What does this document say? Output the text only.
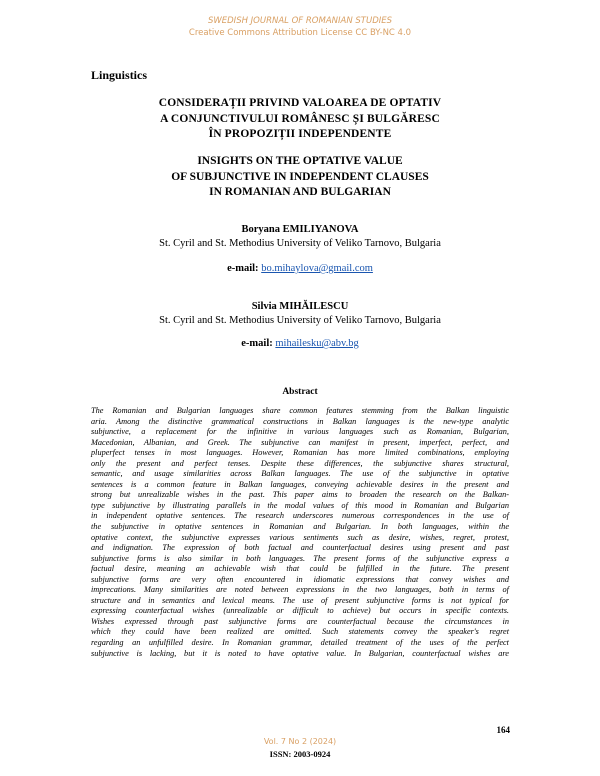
SWEDISH JOURNAL OF ROMANIAN STUDIES
Creative Commons Attribution License CC BY-NC 4.0
Linguistics
CONSIDERAȚII PRIVIND VALOAREA DE OPTATIV
A CONJUNCTIVULUI ROMÂNESC ȘI BULGĂRESC
ÎN PROPOZIȚII INDEPENDENTE
INSIGHTS ON THE OPTATIVE VALUE
OF SUBJUNCTIVE IN INDEPENDENT CLAUSES
IN ROMANIAN AND BULGARIAN
Boryana EMILIYANOVA
St. Cyril and St. Methodius University of Veliko Tarnovo, Bulgaria
e-mail: bo.mihaylova@gmail.com
Silvia MIHĂILESCU
St. Cyril and St. Methodius University of Veliko Tarnovo, Bulgaria
e-mail: mihailesku@abv.bg
Abstract
The Romanian and Bulgarian languages share common features stemming from the Balkan linguistic
aria. Among the distinctive grammatical constructions in Balkan languages is the new-type analytic
subjunctive, a replacement for the infinitive in various languages such as Romanian, Bulgarian,
Macedonian, Albanian, and Greek. The subjunctive can manifest in present, imperfect, perfect, and
pluperfect tenses in most languages. However, Romanian has more limited combinations, employing
only the present and perfect tenses. Despite these differences, the subjunctive shares structural,
semantic, and usage similarities across Balkan languages. The use of the subjunctive in optative
sentences is a common feature in Balkan languages, conveying achievable desires in the present and
strong but unrealizable wishes in the past. This paper aims to broaden the research on the Balkan-
type subjunctive by illustrating parallels in the modal values of this mood in Romanian and Bulgarian
in independent optative sentences. The research underscores numerous correspondences in the use of
the subjunctive in optative sentences in Romanian and Bulgarian. In both languages, within the
optative context, the subjunctive expresses various sentiments such as desire, wishes, regret, protest,
and indignation. The expression of both factual and counterfactual desires using present and past
subjunctive forms is also similar in both languages. The present forms of the subjunctive express a
factual desire, meaning an achievable wish that could be fulfilled in the future. The present
subjunctive forms are very often encountered in idiomatic expressions that convey wishes and
imprecations. Many similarities are noted between expressions in the two languages, both in terms of
structure and in semantics and lexical means. The use of present subjunctive forms is not typical for
expressing counterfactual wishes (unrealizable or difficult to achieve) but occurs in specific contexts.
Wishes expressed through past subjunctive forms are counterfactual because the circumstances in
which they could have been realized are omitted. Such statements convey the speaker's regret
regarding an unfulfilled desire. In Romanian grammar, detailed treatment of the uses of the perfect
subjunctive is lacking, but it is noted to have optative value. In Bulgarian, counterfactual wishes are
164
Vol. 7 No 2 (2024)
ISSN: 2003-0924
